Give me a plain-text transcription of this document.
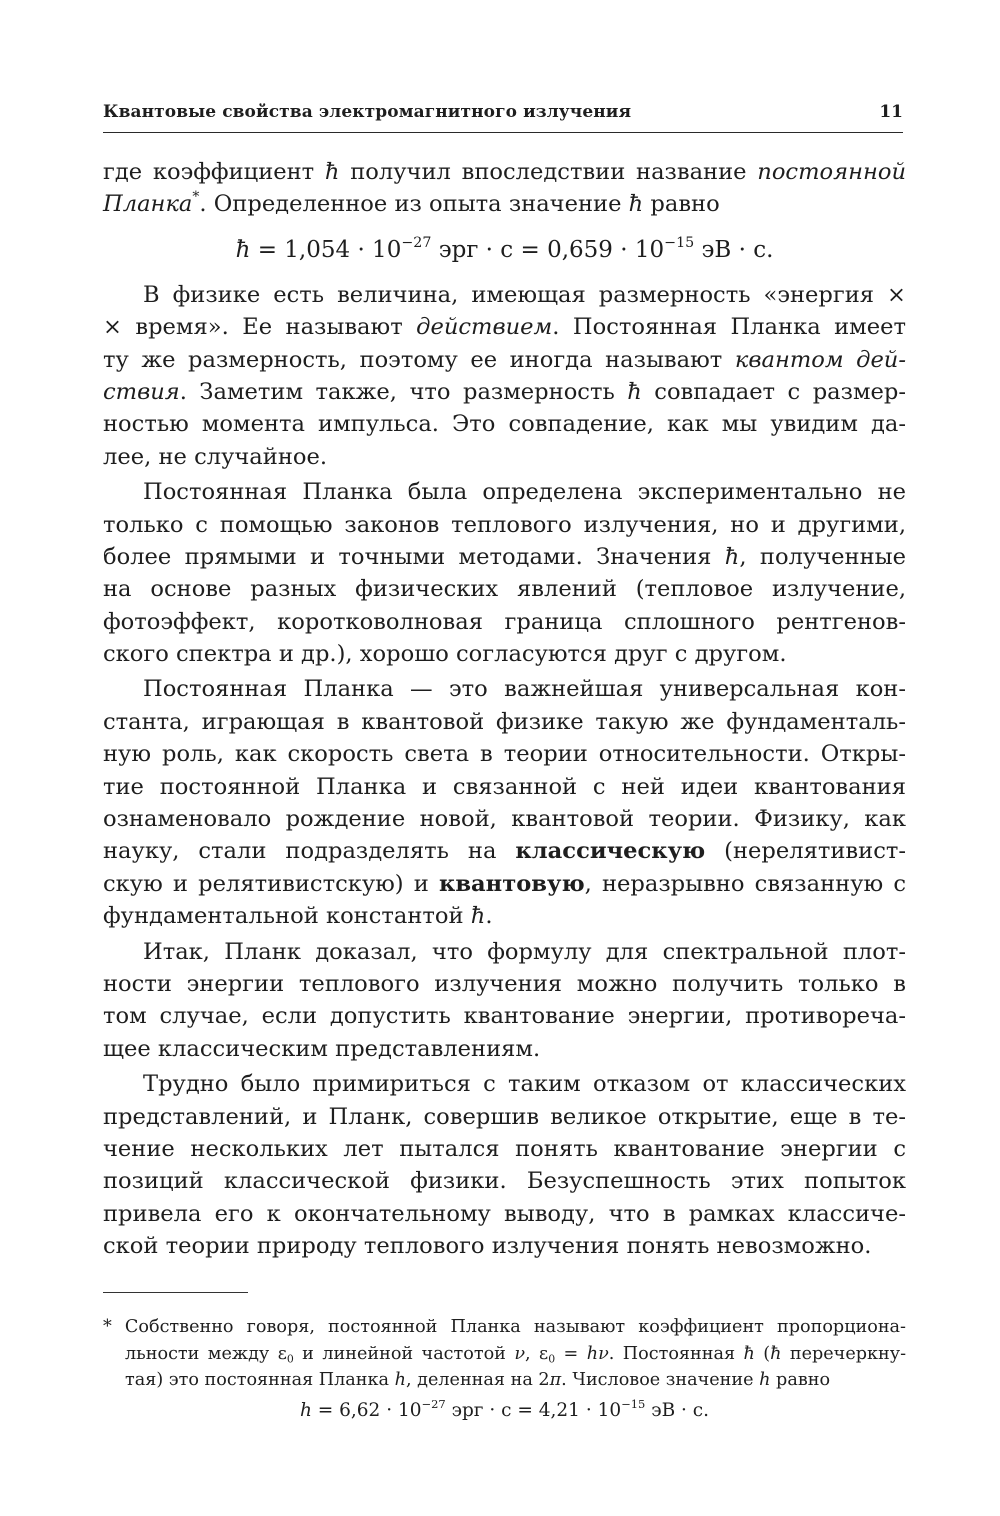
Квантовые свойства электромагнитного излучения	11
где коэффициент ħ получил впоследствии название постоянной
Планка*. Определенное из опыта значение ħ равно
ħ = $1,054 \cdot 10^{-27}$ эрг · $с = 0,659 \cdot 10^{-15}$ эВ · с.
В физике есть величина, имеющая размерность «энергия ×
× время». Ее называют действием. Постоянная Планка имеет
ту же размерность, поэтому ее иногда называют квантом дей-
ствия. Заметим также, что размерность ħ совпадает с размер-
ностью момента импульса. Это совпадение, как мы увидим да-
лее, не случайное.
Постоянная Планка была определена экспериментально не
только с помощью законов теплового излучения, но и другими,
более прямыми и точными методами. Значения ħ, полученные
на основе разных физических явлений (тепловое излучение,
фотоэффект, коротковолновая граница сплошного рентгенов-
ского спектра и др.), хорошо согласуются друг с другом.
Постоянная Планка — это важнейшая универсальная кон-
станта, играющая в квантовой физике такую же фундаменталь-
ную роль, как скорость света в теории относительности. Откры-
тие постоянной Планка и связанной с ней идеи квантования
ознаменовало рождение новой, квантовой теории. Физику, как
науку, стали подразделять на классическую (нерелятивист-
скую и релятивистскую) и квантовую, неразрывно связанную с
фундаментальной константой ħ.
Итак, Планк доказал, что формулу для спектральной плот-
ности энергии теплового излучения можно получить только в
том случае, если допустить квантование энергии, противореча-
щее классическим представлениям.
Трудно было примириться с таким отказом от классических
представлений, и Планк, совершив великое открытие, еще в те-
чение нескольких лет пытался понять квантование энергии с
позиций классической физики. Безуспешность этих попыток
привела его к окончательному выводу, что в рамках классиче-
ской теории природу теплового излучения понять невозможно.
* Собственно говоря, постоянной Планка называют коэффициент пропорциона-
льности между $\varepsilon_0$ и линейной частотой ν, $\varepsilon_0 = h\nu$. Постоянная ħ (ħ перечеркну-
тая) это постоянная Планка h, деленная на 2π. Числовое значение h равно
$h = 6,62 \cdot 10^{-27}$ эрг · $с = 4,21 \cdot 10^{-15}$ эВ · с.
